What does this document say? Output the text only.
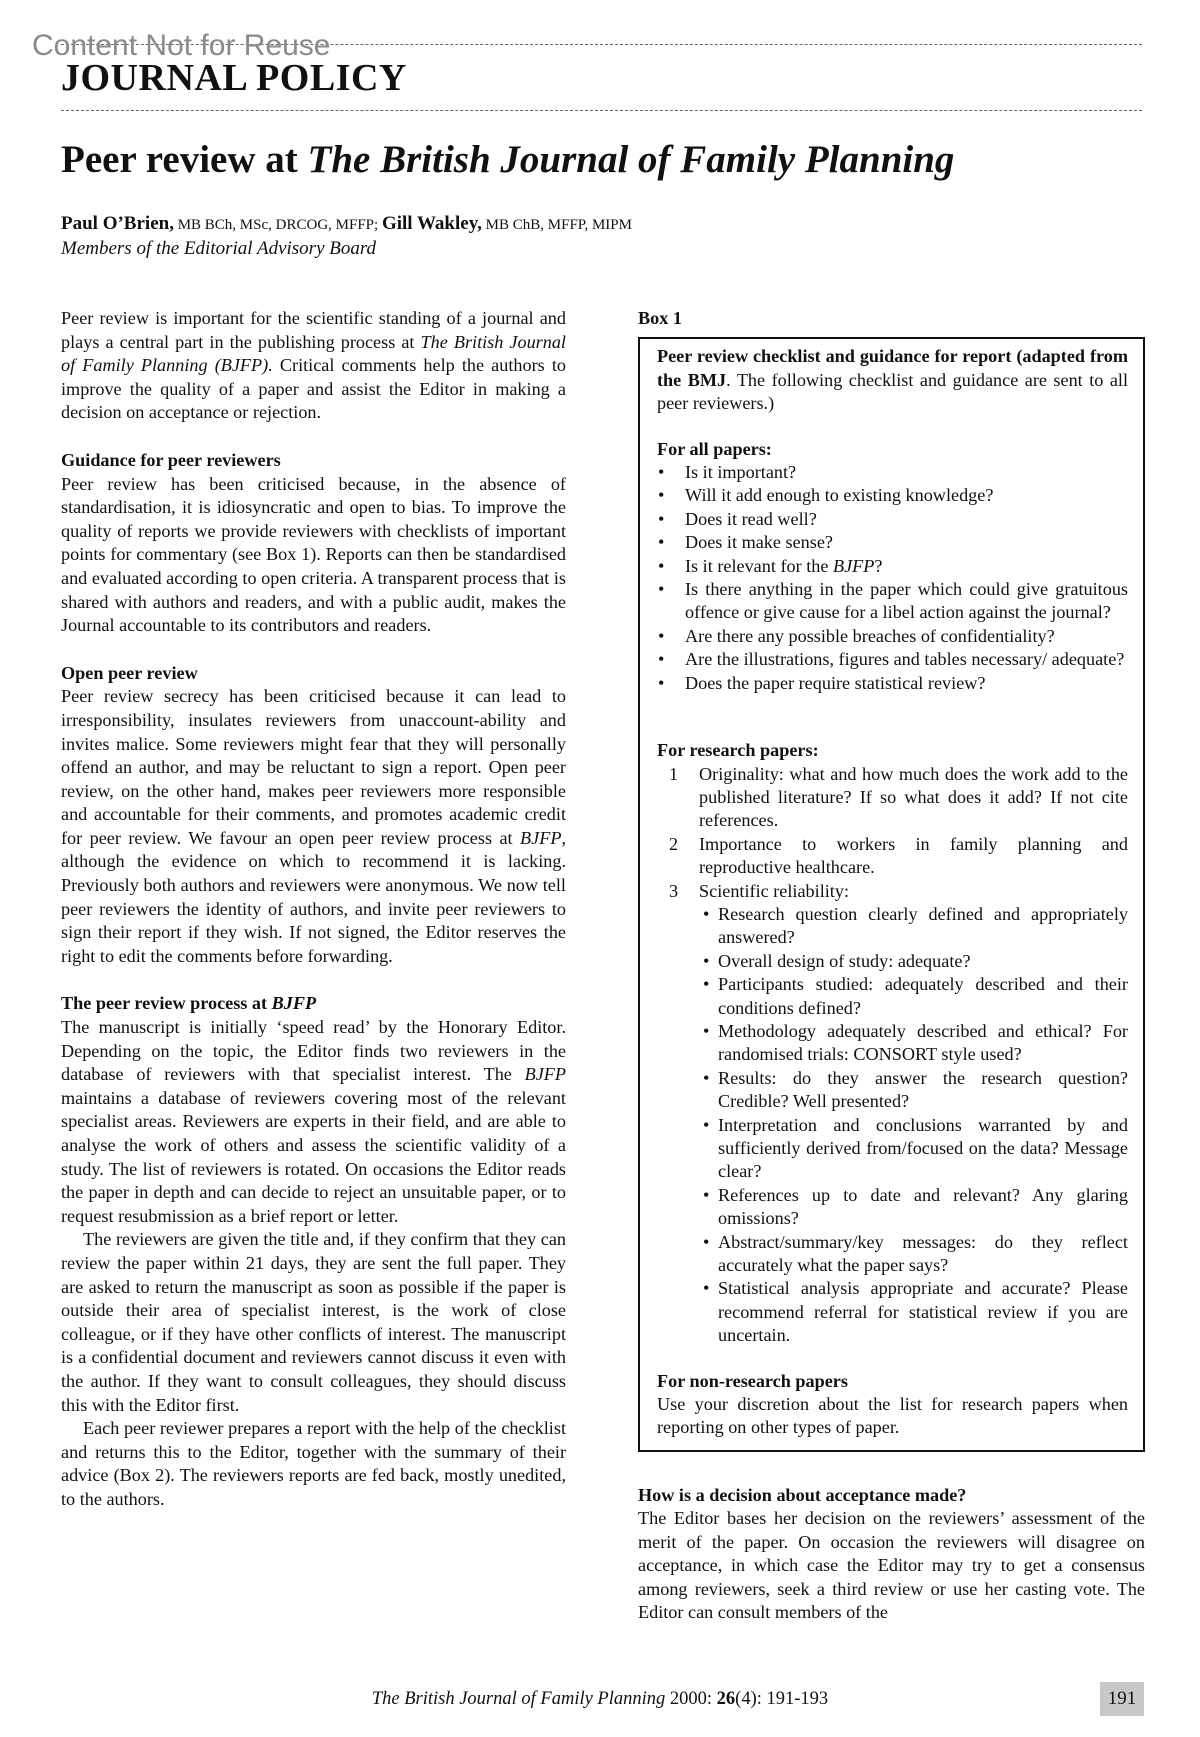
Content Not for Reuse
JOURNAL POLICY
Peer review at The British Journal of Family Planning
Paul O’Brien, MB BCh, MSc, DRCOG, MFFP; Gill Wakley, MB ChB, MFFP, MIPM
Members of the Editorial Advisory Board

Peer review is important for the scientific standing of a journal and plays a central part in the publishing process at The British Journal of Family Planning (BJFP). Critical comments help the authors to improve the quality of a paper and assist the Editor in making a decision on acceptance or rejection.

Guidance for peer reviewers

Peer review has been criticised because, in the absence of standardisation, it is idiosyncratic and open to bias. To improve the quality of reports we provide reviewers with checklists of important points for commentary (see Box 1). Reports can then be standardised and evaluated according to open criteria. A transparent process that is shared with authors and readers, and with a public audit, makes the Journal accountable to its contributors and readers.

Open peer review

Peer review secrecy has been criticised because it can lead to irresponsibility, insulates reviewers from unaccount-ability and invites malice. Some reviewers might fear that they will personally offend an author, and may be reluctant to sign a report. Open peer review, on the other hand, makes peer reviewers more responsible and accountable for their comments, and promotes academic credit for peer review. We favour an open peer review process at BJFP, although the evidence on which to recommend it is lacking. Previously both authors and reviewers were anonymous. We now tell peer reviewers the identity of authors, and invite peer reviewers to sign their report if they wish. If not signed, the Editor reserves the right to edit the comments before forwarding.

The peer review process at BJFP

The manuscript is initially ‘speed read’ by the Honorary Editor. Depending on the topic, the Editor finds two reviewers in the database of reviewers with that specialist interest. The BJFP maintains a database of reviewers covering most of the relevant specialist areas. Reviewers are experts in their field, and are able to analyse the work of others and assess the scientific validity of a study. The list of reviewers is rotated. On occasions the Editor reads the paper in depth and can decide to reject an unsuitable paper, or to request resubmission as a brief report or letter.

The reviewers are given the title and, if they confirm that they can review the paper within 21 days, they are sent the full paper. They are asked to return the manuscript as soon as possible if the paper is outside their area of specialist interest, is the work of close colleague, or if they have other conflicts of interest. The manuscript is a confidential document and reviewers cannot discuss it even with the author. If they want to consult colleagues, they should discuss this with the Editor first.

Each peer reviewer prepares a report with the help of the checklist and returns this to the Editor, together with the summary of their advice (Box 2). The reviewers reports are fed back, mostly unedited, to the authors.

Box 1

Peer review checklist and guidance for report (adapted from the BMJ. The following checklist and guidance are sent to all peer reviewers.)

For all papers:

• Is it important?

• Will it add enough to existing knowledge?

• Does it read well?

• Does it make sense?

• Is it relevant for the BJFP?

• Is there anything in the paper which could give gratuitous offence or give cause for a libel action against the journal?

• Are there any possible breaches of confidentiality?

• Are the illustrations, figures and tables necessary/ adequate?

• Does the paper require statistical review?

For research papers:

1 Originality: what and how much does the work add to the published literature? If so what does it add? If not cite references.

2 Importance to workers in family planning and reproductive healthcare.

3 Scientific reliability:

• Research question clearly defined and appropriately answered?

• Overall design of study: adequate?

• Participants studied: adequately described and their conditions defined?

• Methodology adequately described and ethical? For randomised trials: CONSORT style used?

• Results: do they answer the research question? Credible? Well presented?

• Interpretation and conclusions warranted by and sufficiently derived from/focused on the data? Message clear?

• References up to date and relevant? Any glaring omissions?

• Abstract/summary/key messages: do they reflect accurately what the paper says?

• Statistical analysis appropriate and accurate? Please recommend referral for statistical review if you are uncertain.

For non-research papers

Use your discretion about the list for research papers when reporting on other types of paper.

How is a decision about acceptance made?

The Editor bases her decision on the reviewers’ assessment of the merit of the paper. On occasion the reviewers will disagree on acceptance, in which case the Editor may try to get a consensus among reviewers, seek a third review or use her casting vote. The Editor can consult members of the

The British Journal of Family Planning 2000: 26(4): 191-193	191
